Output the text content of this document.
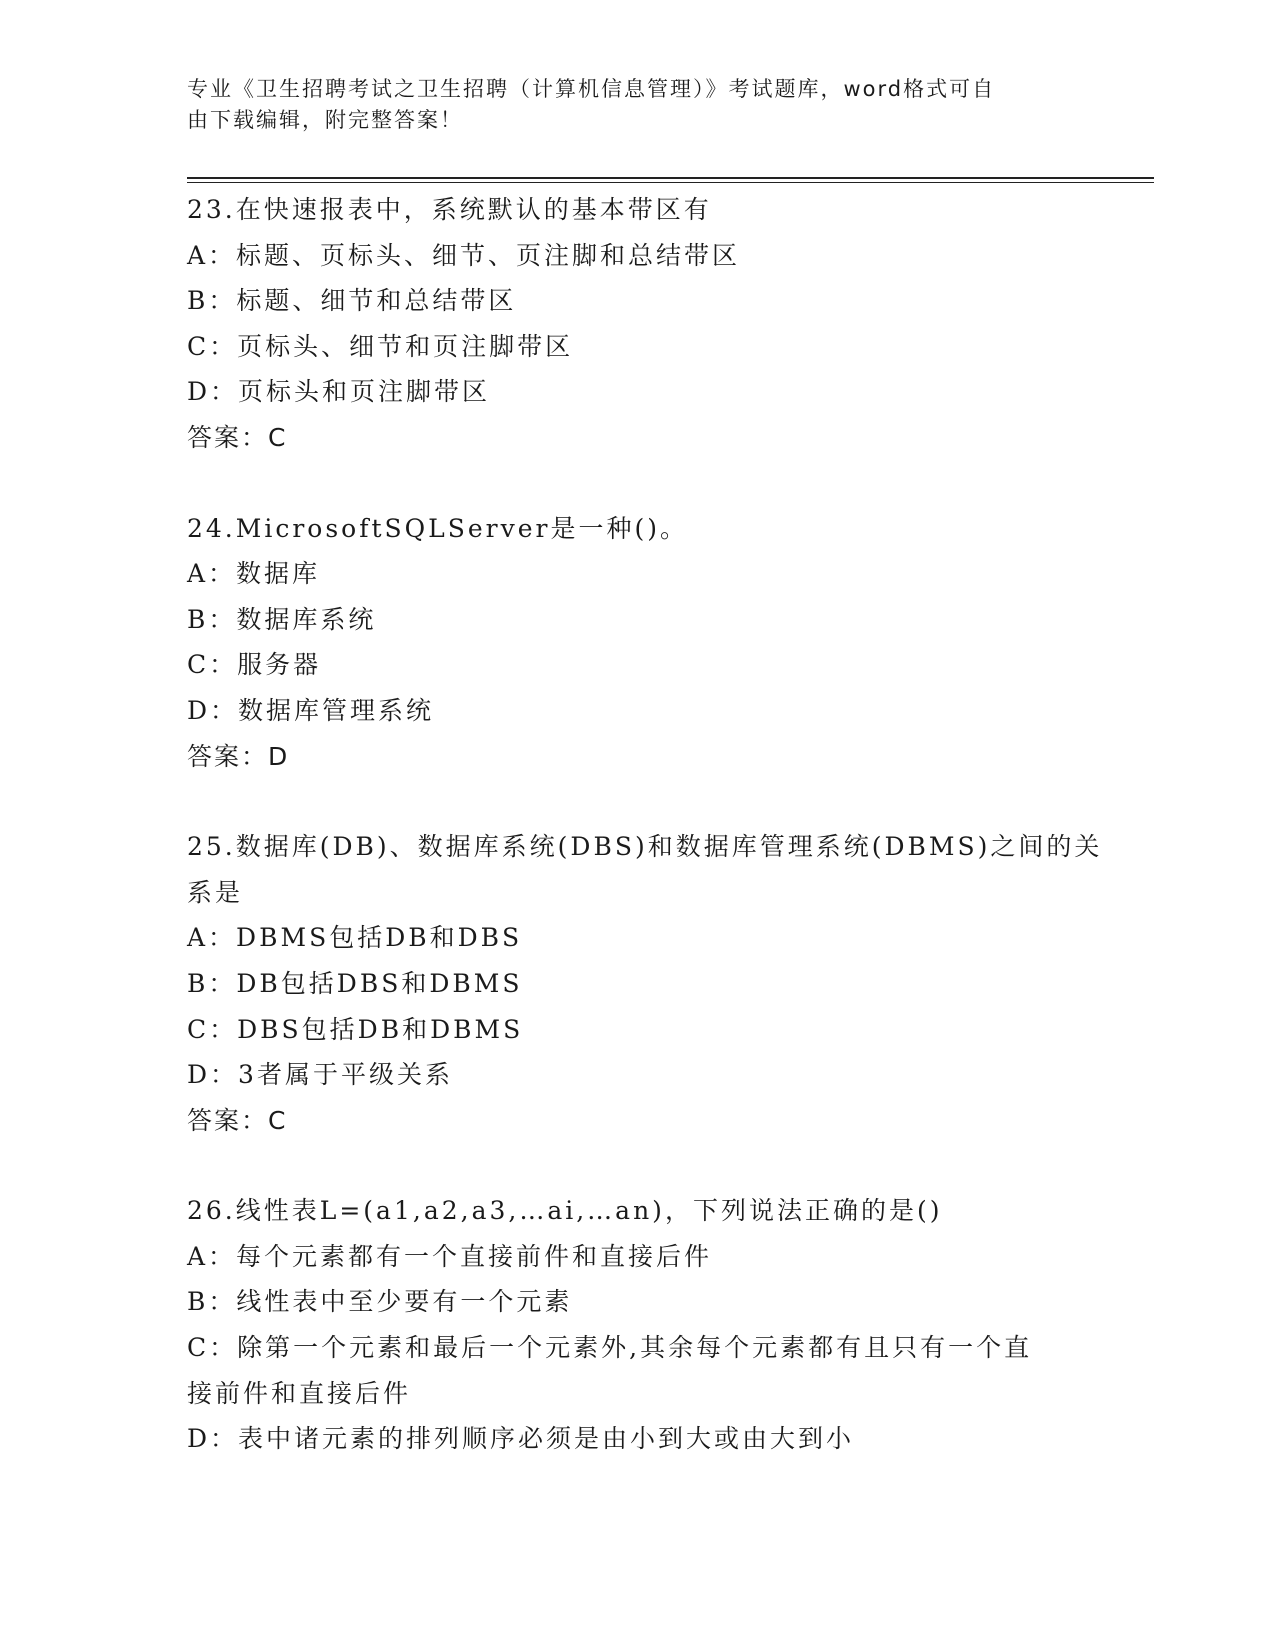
专业《卫生招聘考试之卫生招聘（计算机信息管理）》考试题库，word格式可自
由下载编辑，附完整答案！
23.在快速报表中，系统默认的基本带区有
A：标题、页标头、细节、页注脚和总结带区
B：标题、细节和总结带区
C：页标头、细节和页注脚带区
D：页标头和页注脚带区
答案：C
24.MicrosoftSQLServer是一种()。
A：数据库
B：数据库系统
C：服务器
D：数据库管理系统
答案：D
25.数据库(DB)、数据库系统(DBS)和数据库管理系统(DBMS)之间的关
系是
A：DBMS包括DB和DBS
B：DB包括DBS和DBMS
C：DBS包括DB和DBMS
D：3者属于平级关系
答案：C
26.线性表L=(a1,a2,a3,…ai,…an)，下列说法正确的是()
A：每个元素都有一个直接前件和直接后件
B：线性表中至少要有一个元素
C：除第一个元素和最后一个元素外,其余每个元素都有且只有一个直
接前件和直接后件
D：表中诸元素的排列顺序必须是由小到大或由大到小
